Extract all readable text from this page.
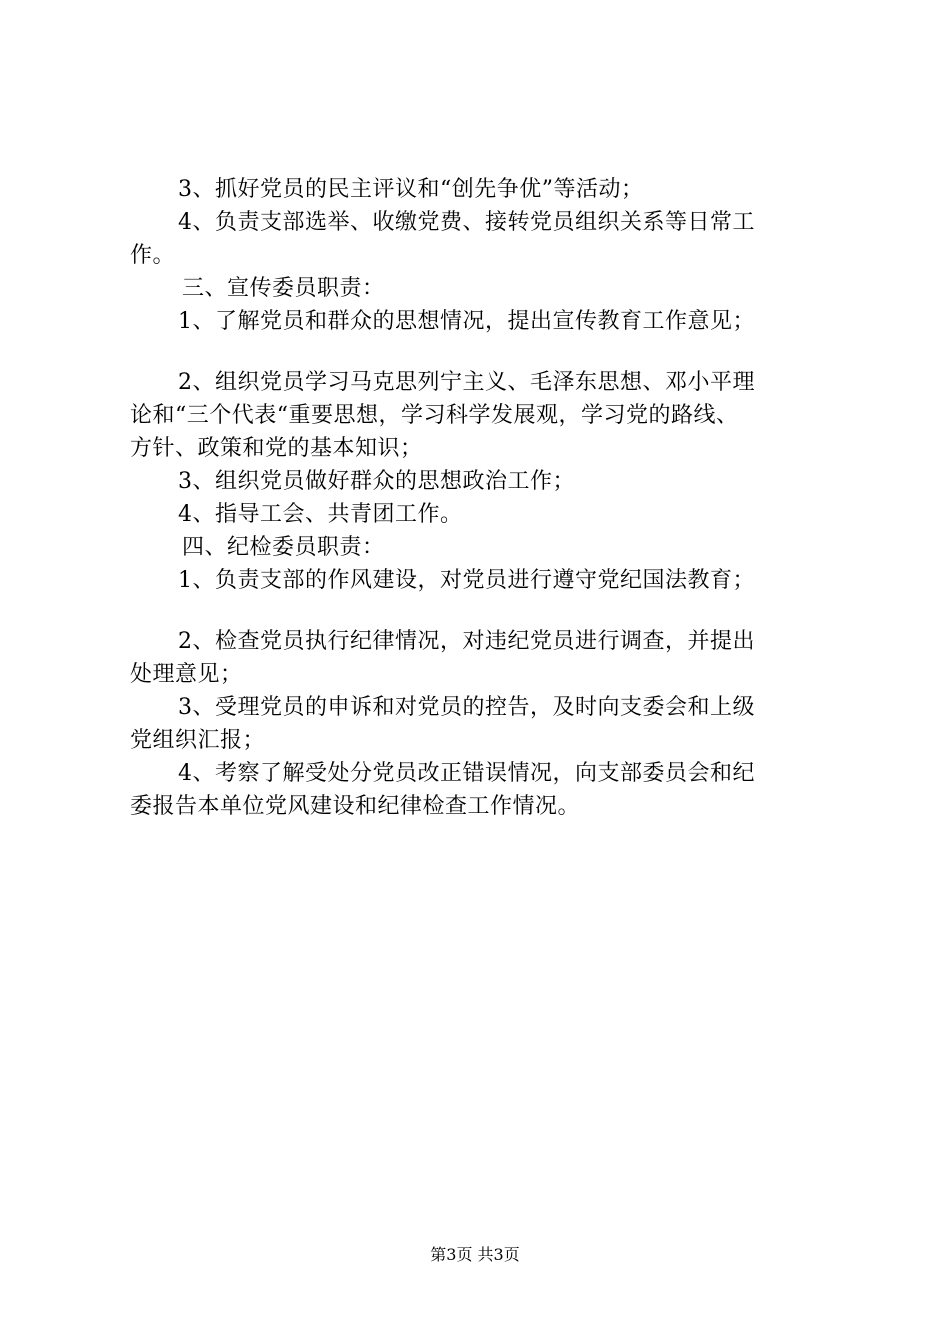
3、抓好党员的民主评议和“创先争优”等活动；
4、负责支部选举、收缴党费、接转党员组织关系等日常工
作。
三、宣传委员职责：
1、了解党员和群众的思想情况，提出宣传教育工作意见；
2、组织党员学习马克思列宁主义、毛泽东思想、邓小平理
论和“三个代表“重要思想，学习科学发展观，学习党的路线、
方针、政策和党的基本知识；
3、组织党员做好群众的思想政治工作；
4、指导工会、共青团工作。
四、纪检委员职责：
1、负责支部的作风建设，对党员进行遵守党纪国法教育；
2、检查党员执行纪律情况，对违纪党员进行调查，并提出
处理意见；
3、受理党员的申诉和对党员的控告，及时向支委会和上级
党组织汇报；
4、考察了解受处分党员改正错误情况，向支部委员会和纪
委报告本单位党风建设和纪律检查工作情况。
第3页 共3页
